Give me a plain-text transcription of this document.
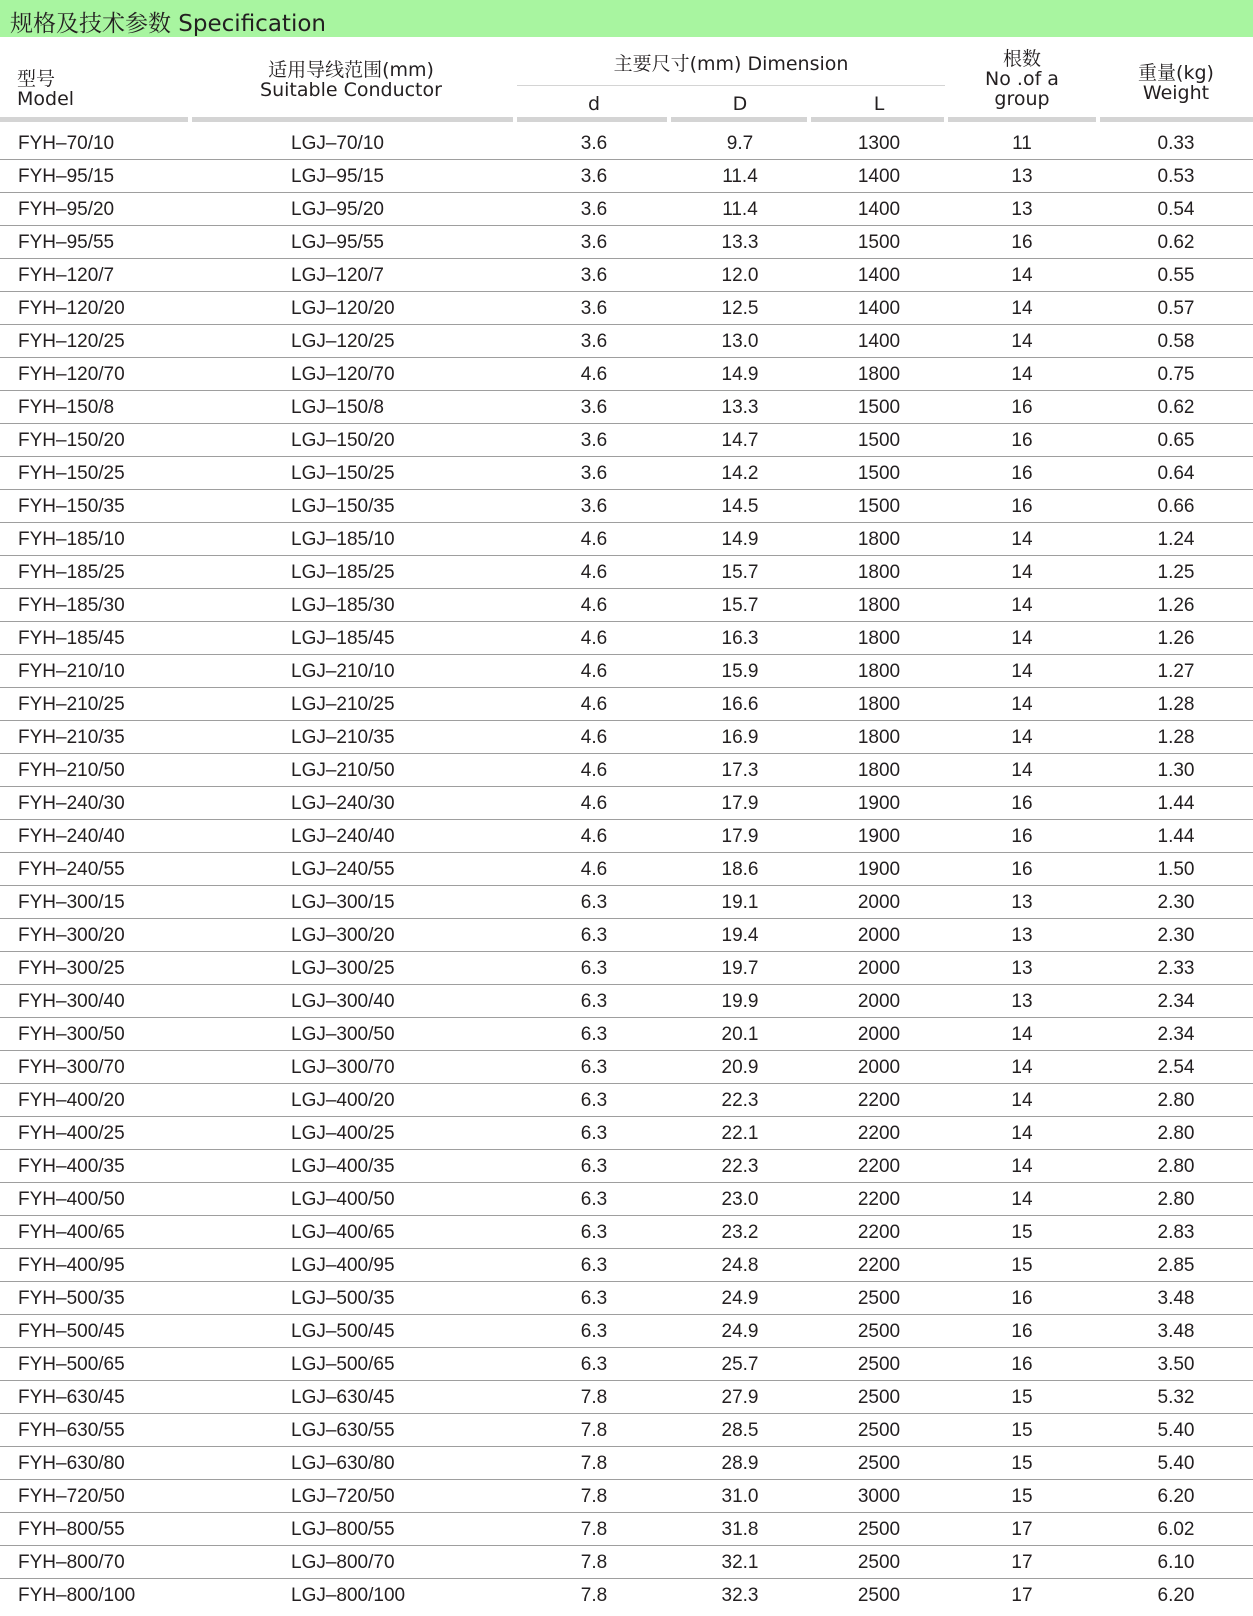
规格及技术参数 Specification
型号
Model
适用导线范围(mm)
Suitable Conductor
主要尺寸(mm) Dimension
d	D	L
根数
No .of a
group
重量(kg)
Weight
FYH–70/10	LGJ–70/10	3.6	9.7	1300	11	0.33
FYH–95/15	LGJ–95/15	3.6	11.4	1400	13	0.53
FYH–95/20	LGJ–95/20	3.6	11.4	1400	13	0.54
FYH–95/55	LGJ–95/55	3.6	13.3	1500	16	0.62
FYH–120/7	LGJ–120/7	3.6	12.0	1400	14	0.55
FYH–120/20	LGJ–120/20	3.6	12.5	1400	14	0.57
FYH–120/25	LGJ–120/25	3.6	13.0	1400	14	0.58
FYH–120/70	LGJ–120/70	4.6	14.9	1800	14	0.75
FYH–150/8	LGJ–150/8	3.6	13.3	1500	16	0.62
FYH–150/20	LGJ–150/20	3.6	14.7	1500	16	0.65
FYH–150/25	LGJ–150/25	3.6	14.2	1500	16	0.64
FYH–150/35	LGJ–150/35	3.6	14.5	1500	16	0.66
FYH–185/10	LGJ–185/10	4.6	14.9	1800	14	1.24
FYH–185/25	LGJ–185/25	4.6	15.7	1800	14	1.25
FYH–185/30	LGJ–185/30	4.6	15.7	1800	14	1.26
FYH–185/45	LGJ–185/45	4.6	16.3	1800	14	1.26
FYH–210/10	LGJ–210/10	4.6	15.9	1800	14	1.27
FYH–210/25	LGJ–210/25	4.6	16.6	1800	14	1.28
FYH–210/35	LGJ–210/35	4.6	16.9	1800	14	1.28
FYH–210/50	LGJ–210/50	4.6	17.3	1800	14	1.30
FYH–240/30	LGJ–240/30	4.6	17.9	1900	16	1.44
FYH–240/40	LGJ–240/40	4.6	17.9	1900	16	1.44
FYH–240/55	LGJ–240/55	4.6	18.6	1900	16	1.50
FYH–300/15	LGJ–300/15	6.3	19.1	2000	13	2.30
FYH–300/20	LGJ–300/20	6.3	19.4	2000	13	2.30
FYH–300/25	LGJ–300/25	6.3	19.7	2000	13	2.33
FYH–300/40	LGJ–300/40	6.3	19.9	2000	13	2.34
FYH–300/50	LGJ–300/50	6.3	20.1	2000	14	2.34
FYH–300/70	LGJ–300/70	6.3	20.9	2000	14	2.54
FYH–400/20	LGJ–400/20	6.3	22.3	2200	14	2.80
FYH–400/25	LGJ–400/25	6.3	22.1	2200	14	2.80
FYH–400/35	LGJ–400/35	6.3	22.3	2200	14	2.80
FYH–400/50	LGJ–400/50	6.3	23.0	2200	14	2.80
FYH–400/65	LGJ–400/65	6.3	23.2	2200	15	2.83
FYH–400/95	LGJ–400/95	6.3	24.8	2200	15	2.85
FYH–500/35	LGJ–500/35	6.3	24.9	2500	16	3.48
FYH–500/45	LGJ–500/45	6.3	24.9	2500	16	3.48
FYH–500/65	LGJ–500/65	6.3	25.7	2500	16	3.50
FYH–630/45	LGJ–630/45	7.8	27.9	2500	15	5.32
FYH–630/55	LGJ–630/55	7.8	28.5	2500	15	5.40
FYH–630/80	LGJ–630/80	7.8	28.9	2500	15	5.40
FYH–720/50	LGJ–720/50	7.8	31.0	3000	15	6.20
FYH–800/55	LGJ–800/55	7.8	31.8	2500	17	6.02
FYH–800/70	LGJ–800/70	7.8	32.1	2500	17	6.10
FYH–800/100	LGJ–800/100	7.8	32.3	2500	17	6.20
